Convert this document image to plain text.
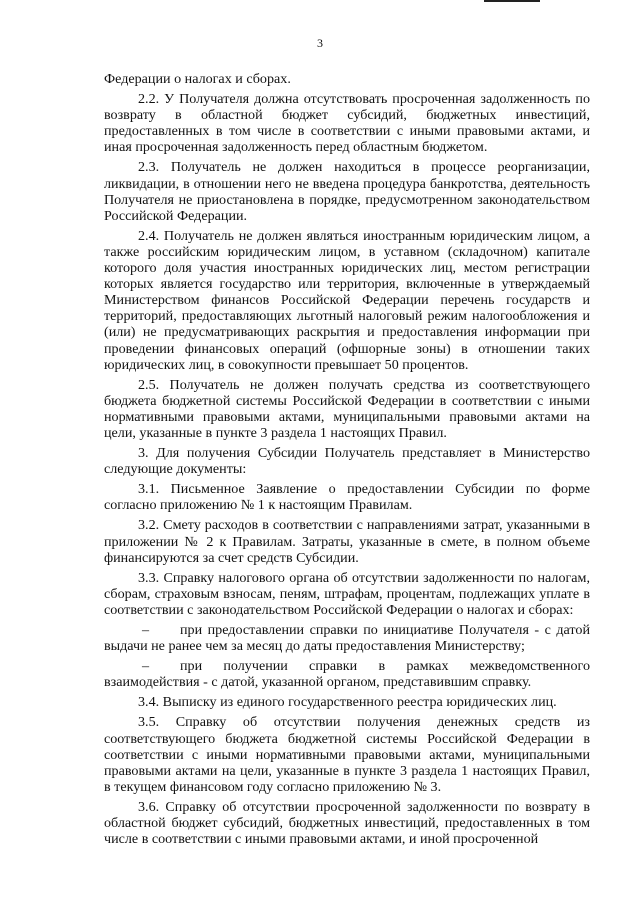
3

Федерации о налогах и сборах.

2.2. У Получателя должна отсутствовать просроченная задолженность по возврату в областной бюджет субсидий, бюджетных инвестиций, предоставленных в том числе в соответствии с иными правовыми актами, и иная просроченная задолженность перед областным бюджетом.

2.3. Получатель не должен находиться в процессе реорганизации, ликвидации, в отношении него не введена процедура банкротства, деятельность Получателя не приостановлена в порядке, предусмотренном законодательством Российской Федерации.

2.4. Получатель не должен являться иностранным юридическим лицом, а также российским юридическим лицом, в уставном (складочном) капитале которого доля участия иностранных юридических лиц, местом регистрации которых является государство или территория, включенные в утверждаемый Министерством финансов Российской Федерации перечень государств и территорий, предоставляющих льготный налоговый режим налогообложения и (или) не предусматривающих раскрытия и предоставления информации при проведении финансовых операций (офшорные зоны) в отношении таких юридических лиц, в совокупности превышает 50 процентов.

2.5. Получатель не должен получать средства из соответствующего бюджета бюджетной системы Российской Федерации в соответствии с иными нормативными правовыми актами, муниципальными правовыми актами на цели, указанные в пункте 3 раздела 1 настоящих Правил.

3. Для получения Субсидии Получатель представляет в Министерство следующие документы:

3.1. Письменное Заявление о предоставлении Субсидии по форме согласно приложению № 1 к настоящим Правилам.

3.2. Смету расходов в соответствии с направлениями затрат, указанными в приложении № 2 к Правилам. Затраты, указанные в смете, в полном объеме финансируются за счет средств Субсидии.

3.3. Справку налогового органа об отсутствии задолженности по налогам, сборам, страховым взносам, пеням, штрафам, процентам, подлежащих уплате в соответствии с законодательством Российской Федерации о налогах и сборах:

– при предоставлении справки по инициативе Получателя - с датой выдачи не ранее чем за месяц до даты предоставления Министерству;

– при получении справки в рамках межведомственного взаимодействия - с датой, указанной органом, представившим справку.

3.4. Выписку из единого государственного реестра юридических лиц.

3.5. Справку об отсутствии получения денежных средств из соответствующего бюджета бюджетной системы Российской Федерации в соответствии с иными нормативными правовыми актами, муниципальными правовыми актами на цели, указанные в пункте 3 раздела 1 настоящих Правил, в текущем финансовом году согласно приложению № 3.

3.6. Справку об отсутствии просроченной задолженности по возврату в областной бюджет субсидий, бюджетных инвестиций, предоставленных в том числе в соответствии с иными правовыми актами, и иной просроченной
